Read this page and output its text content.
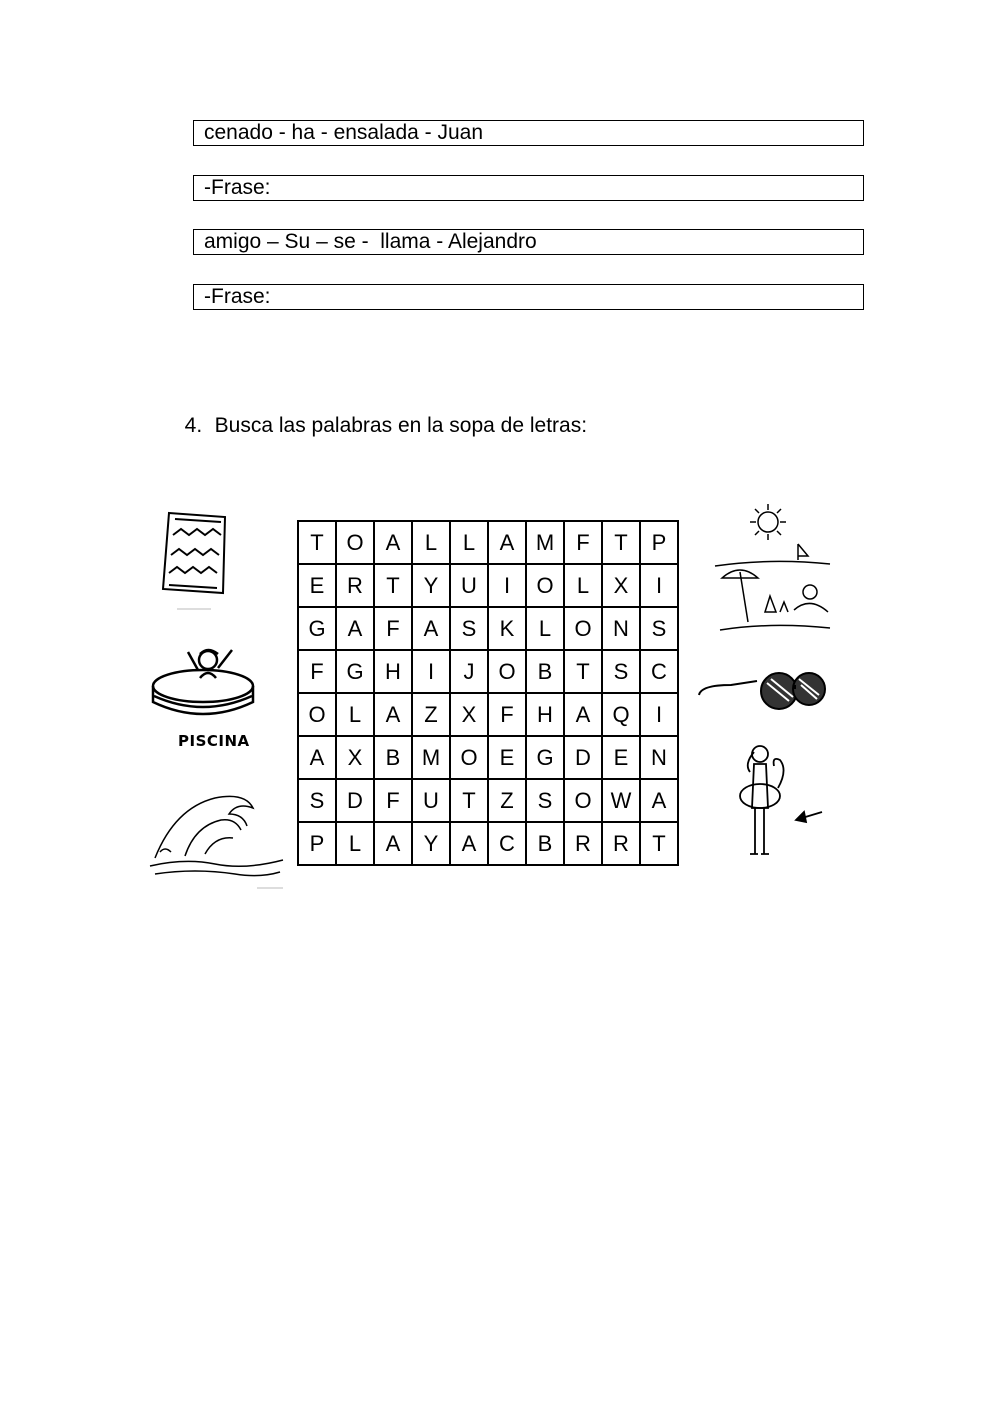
cenado - ha - ensalada - Juan
-Frase:
amigo – Su – se -  llama - Alejandro
-Frase:

4. Busca las palabras en la sopa de letras:

T	O	A	L	L	A	M	F	T	P
E	R	T	Y	U	I	O	L	X	I
G	A	F	A	S	K	L	O	N	S
F	G	H	I	J	O	B	T	S	C
O	L	A	Z	X	F	H	A	Q	I
A	X	B	M	O	E	G	D	E	N
S	D	F	U	T	Z	S	O	W	A
P	L	A	Y	A	C	B	R	R	T
PISCINA
